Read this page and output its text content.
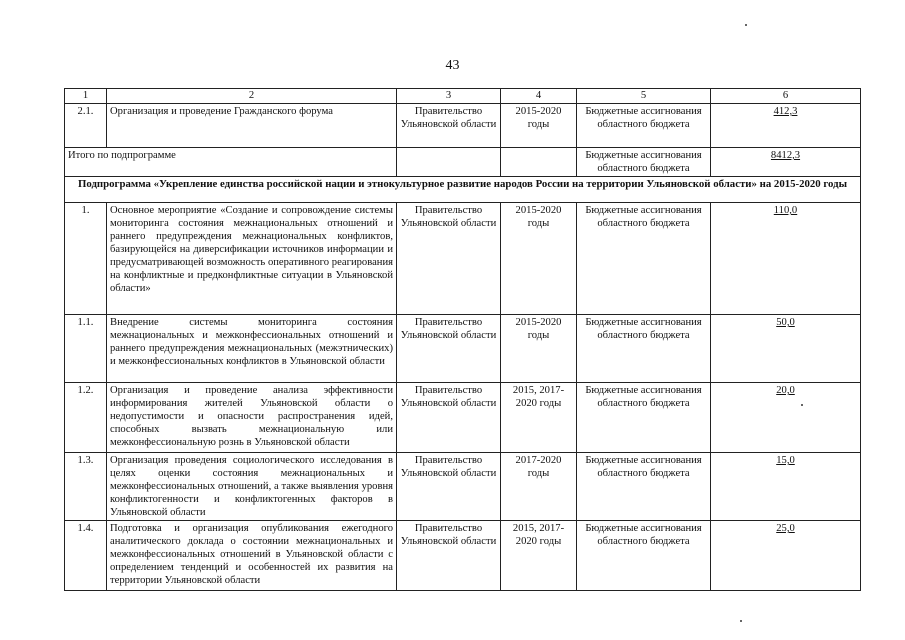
43
1	2	3	4	5	6
2.1.	Организация и проведение Гражданского форума	Правительство Ульяновской области	2015-2020 годы	Бюджетные ассигнования областного бюджета	412,3
Итого по подпрограмме				Бюджетные ассигнования областного бюджета	8412,3
Подпрограмма «Укрепление единства российской нации и этнокультурное развитие народов России на территории Ульяновской области» на 2015-2020 годы					
1.	Основное мероприятие «Создание и сопровождение системы мониторинга состояния межнациональных отношений и раннего предупреждения межнациональных конфликтов, базирующейся на диверсификации источников информации и предусматривающей возможность оперативного реагирования на конфликтные и предконфликтные ситуации в Ульяновской области»	Правительство Ульяновской области	2015-2020 годы	Бюджетные ассигнования областного бюджета	110,0
1.1.	Внедрение системы мониторинга состояния межнациональных и межконфессиональных отношений и раннего предупреждения межнациональных (межэтнических) и межконфессиональных конфликтов в Ульяновской области	Правительство Ульяновской области	2015-2020 годы	Бюджетные ассигнования областного бюджета	50,0
1.2.	Организация и проведение анализа эффективности информирования жителей Ульяновской области о недопустимости и опасности распространения идей, способных вызвать межнациональную или межконфессиональную рознь в Ульяновской области	Правительство Ульяновской области	2015, 2017-2020 годы	Бюджетные ассигнования областного бюджета	20,0
1.3.	Организация проведения социологического исследования в целях оценки состояния межнациональных и межконфессиональных отношений, а также выявления уровня конфликтогенности и конфликтогенных факторов в Ульяновской области	Правительство Ульяновской области	2017-2020 годы	Бюджетные ассигнования областного бюджета	15,0
1.4.	Подготовка и организация опубликования ежегодного аналитического доклада о состоянии межнациональных и межконфессиональных отношений в Ульяновской области с определением тенденций и особенностей их развития на территории Ульяновской области	Правительство Ульяновской области	2015, 2017-2020 годы	Бюджетные ассигнования областного бюджета	25,0
